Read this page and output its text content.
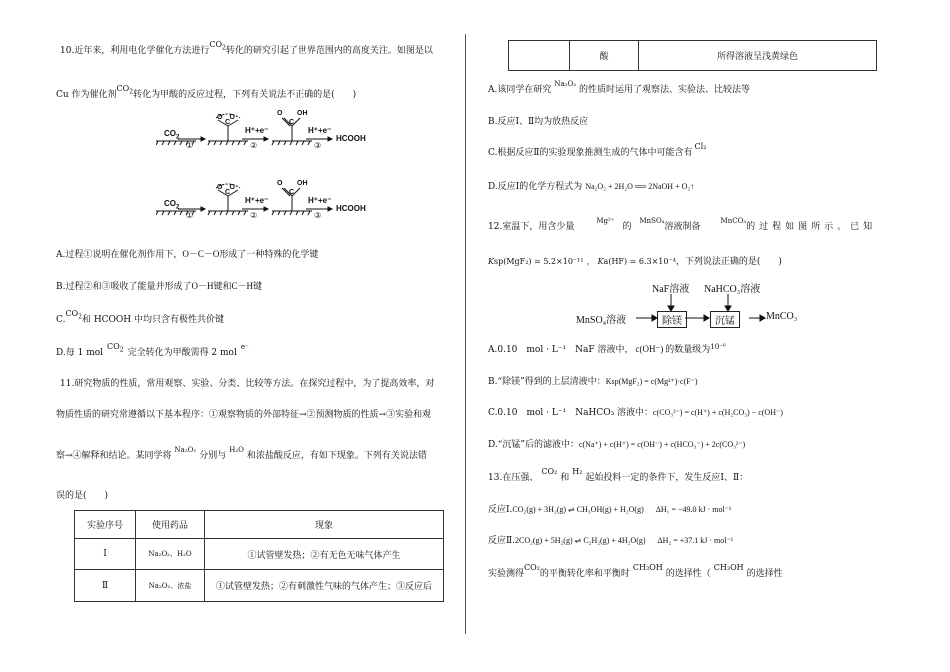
10.近年来，利用电化学催化方法进行$CO_2$转化的研究引起了世界范围内的高度关注。如图是以
Cu 作为催化剂$CO_2$转化为甲酸的反应过程，下列有关说法不正确的是(　　)
$CO_2$
①
O　O
C
H⁺+e⁻
②
O OH
C
H⁺+e⁻
③
HCOOH
$CO_2$
①
O　O
C
H⁺+e⁻
②
O OH
C
H⁺+e⁻
③
HCOOH
A.过程①说明在催化剂作用下，O－C－O形成了一种特殊的化学键
B.过程②和③吸收了能量并形成了O－H键和C－H键
$C.CO_2$和 HCOOH 中均只含有极性共价键
D.每 1 molCO$_2$ 完全转化为甲酸需得 2 mol$^{e^-}$
11.研究物质的性质，常用观察、实验、分类、比较等方法。在探究过程中，为了提高效率，对
物质性质的研究常遵循以下基本程序：①观察物质的外部特征→②预测物质的性质→③实验和观
察→④解释和结论。某同学将$^{Na_2O_2}$分别与$^{H_2O}$和浓盐酸反应，有如下现象。下列有关说法错
误的是(　　)
实验序号	使用药品	现象
Ⅰ	Na₂O₂、H₂O	①试管壁发热；②有无色无味气体产生
Ⅱ	Na₂O₂、浓盐	①试管壁发热；②有刺激性气味的气体产生；③反应后
	酸	所得溶液呈浅黄绿色
A.该同学在研究$^{Na_2O_2}$的性质时运用了观察法、实验法、比较法等
B.反应Ⅰ、Ⅱ均为放热反应
C.根据反应Ⅱ的实验现象推测生成的气体中可能含有Cl₂
D.反应Ⅰ的化学方程式为 Na₂O₂ + 2H₂O ══ 2NaOH + O₂↑
12.室温下，用含少量$^{Mg^{2+}}$的$^{MnSO_4}$溶液制备$^{MnCO_3}$的过程如图所示。已知
Ksp(MgF₂) = 5.2×10⁻¹¹ ， Ka(HF) = 6.3×10⁻⁴，下列说法正确的是(　　)
NaF溶液 NaHCO₃溶液
MnSO₄溶液	除镁	沉锰	MnCO₃
A.0.10　mol · L⁻¹　NaF 溶液中， c(OH⁻) 的数量级为$^{10^{-6}}$
B.“除镁”得到的上层清液中：Ksp(MgF₂) = c(Mg²⁺)·c(F⁻)
C.0.10　mol · L⁻¹　NaHCO₃ 溶液中：c(CO₃²⁻) = c(H⁺) + c(H₂CO₃) − c(OH⁻)
D.“沉锰”后的滤液中：c(Na⁺) + c(H⁺) = c(OH⁻) + c(HCO₃⁻) + 2c(CO₃²⁻)
13.在压强、CO₂和H₂起始投料一定的条件下，发生反应Ⅰ、Ⅱ：
反应Ⅰ.CO₂(g) + 3H₂(g) ⇌ CH₃OH(g) + H₂O(g) ΔH₁ = −49.0 kJ · mol⁻¹
反应Ⅱ.2CO₂(g) + 5H₂(g) ⇌ C₂H₂(g) + 4H₂O(g) ΔH₂ = +37.1 kJ · mol⁻¹
实验测得CO₂的平衡转化率和平衡时CH₃OH的选择性（CH₃OH的选择性
